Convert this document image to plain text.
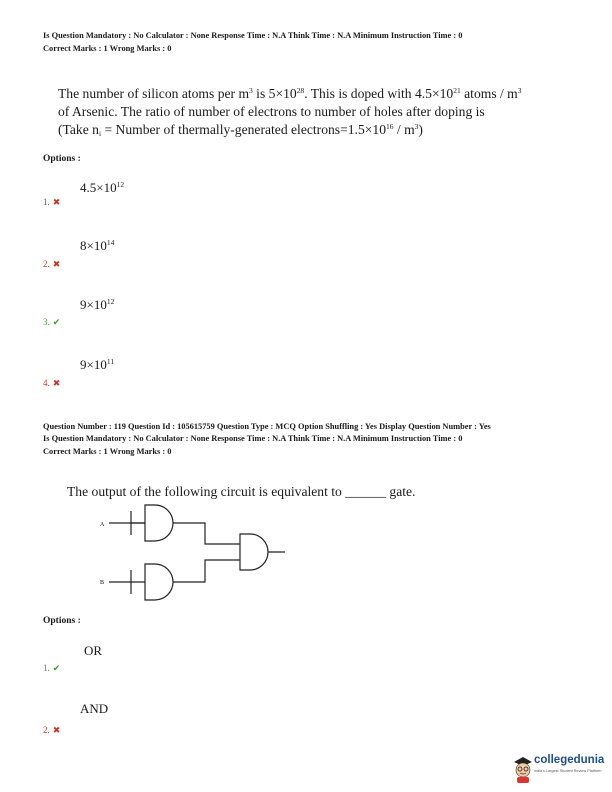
Is Question Mandatory : No Calculator : None Response Time : N.A Think Time : N.A Minimum Instruction Time : 0
Correct Marks : 1 Wrong Marks : 0
The number of silicon atoms per $m^3$ is $5\times 10^{28}$. This is doped with $4.5\times 10^{21}$ atoms / $m^3$
of Arsenic. The ratio of number of electrons to number of holes after doping is
(Take $n_i$ = Number of thermally-generated $electrons=1.5\times 10^{16} / m^3$)
Options :
$4.5\times 10^{12}$
1. ✖
$8\times 10^{14}$
2. ✖
$9\times 10^{12}$
3. ✔
$9\times 10^{11}$
4. ✖
Question Number : 119 Question Id : 105615759 Question Type : MCQ Option Shuffling : Yes Display Question Number : Yes
Is Question Mandatory : No Calculator : None Response Time : N.A Think Time : N.A Minimum Instruction Time : 0
Correct Marks : 1 Wrong Marks : 0
The output of the following circuit is equivalent to ______ gate.
A
B
Options :
OR
1. ✔
AND
2. ✖
collegedunia
India's Largest Student Review Platform
